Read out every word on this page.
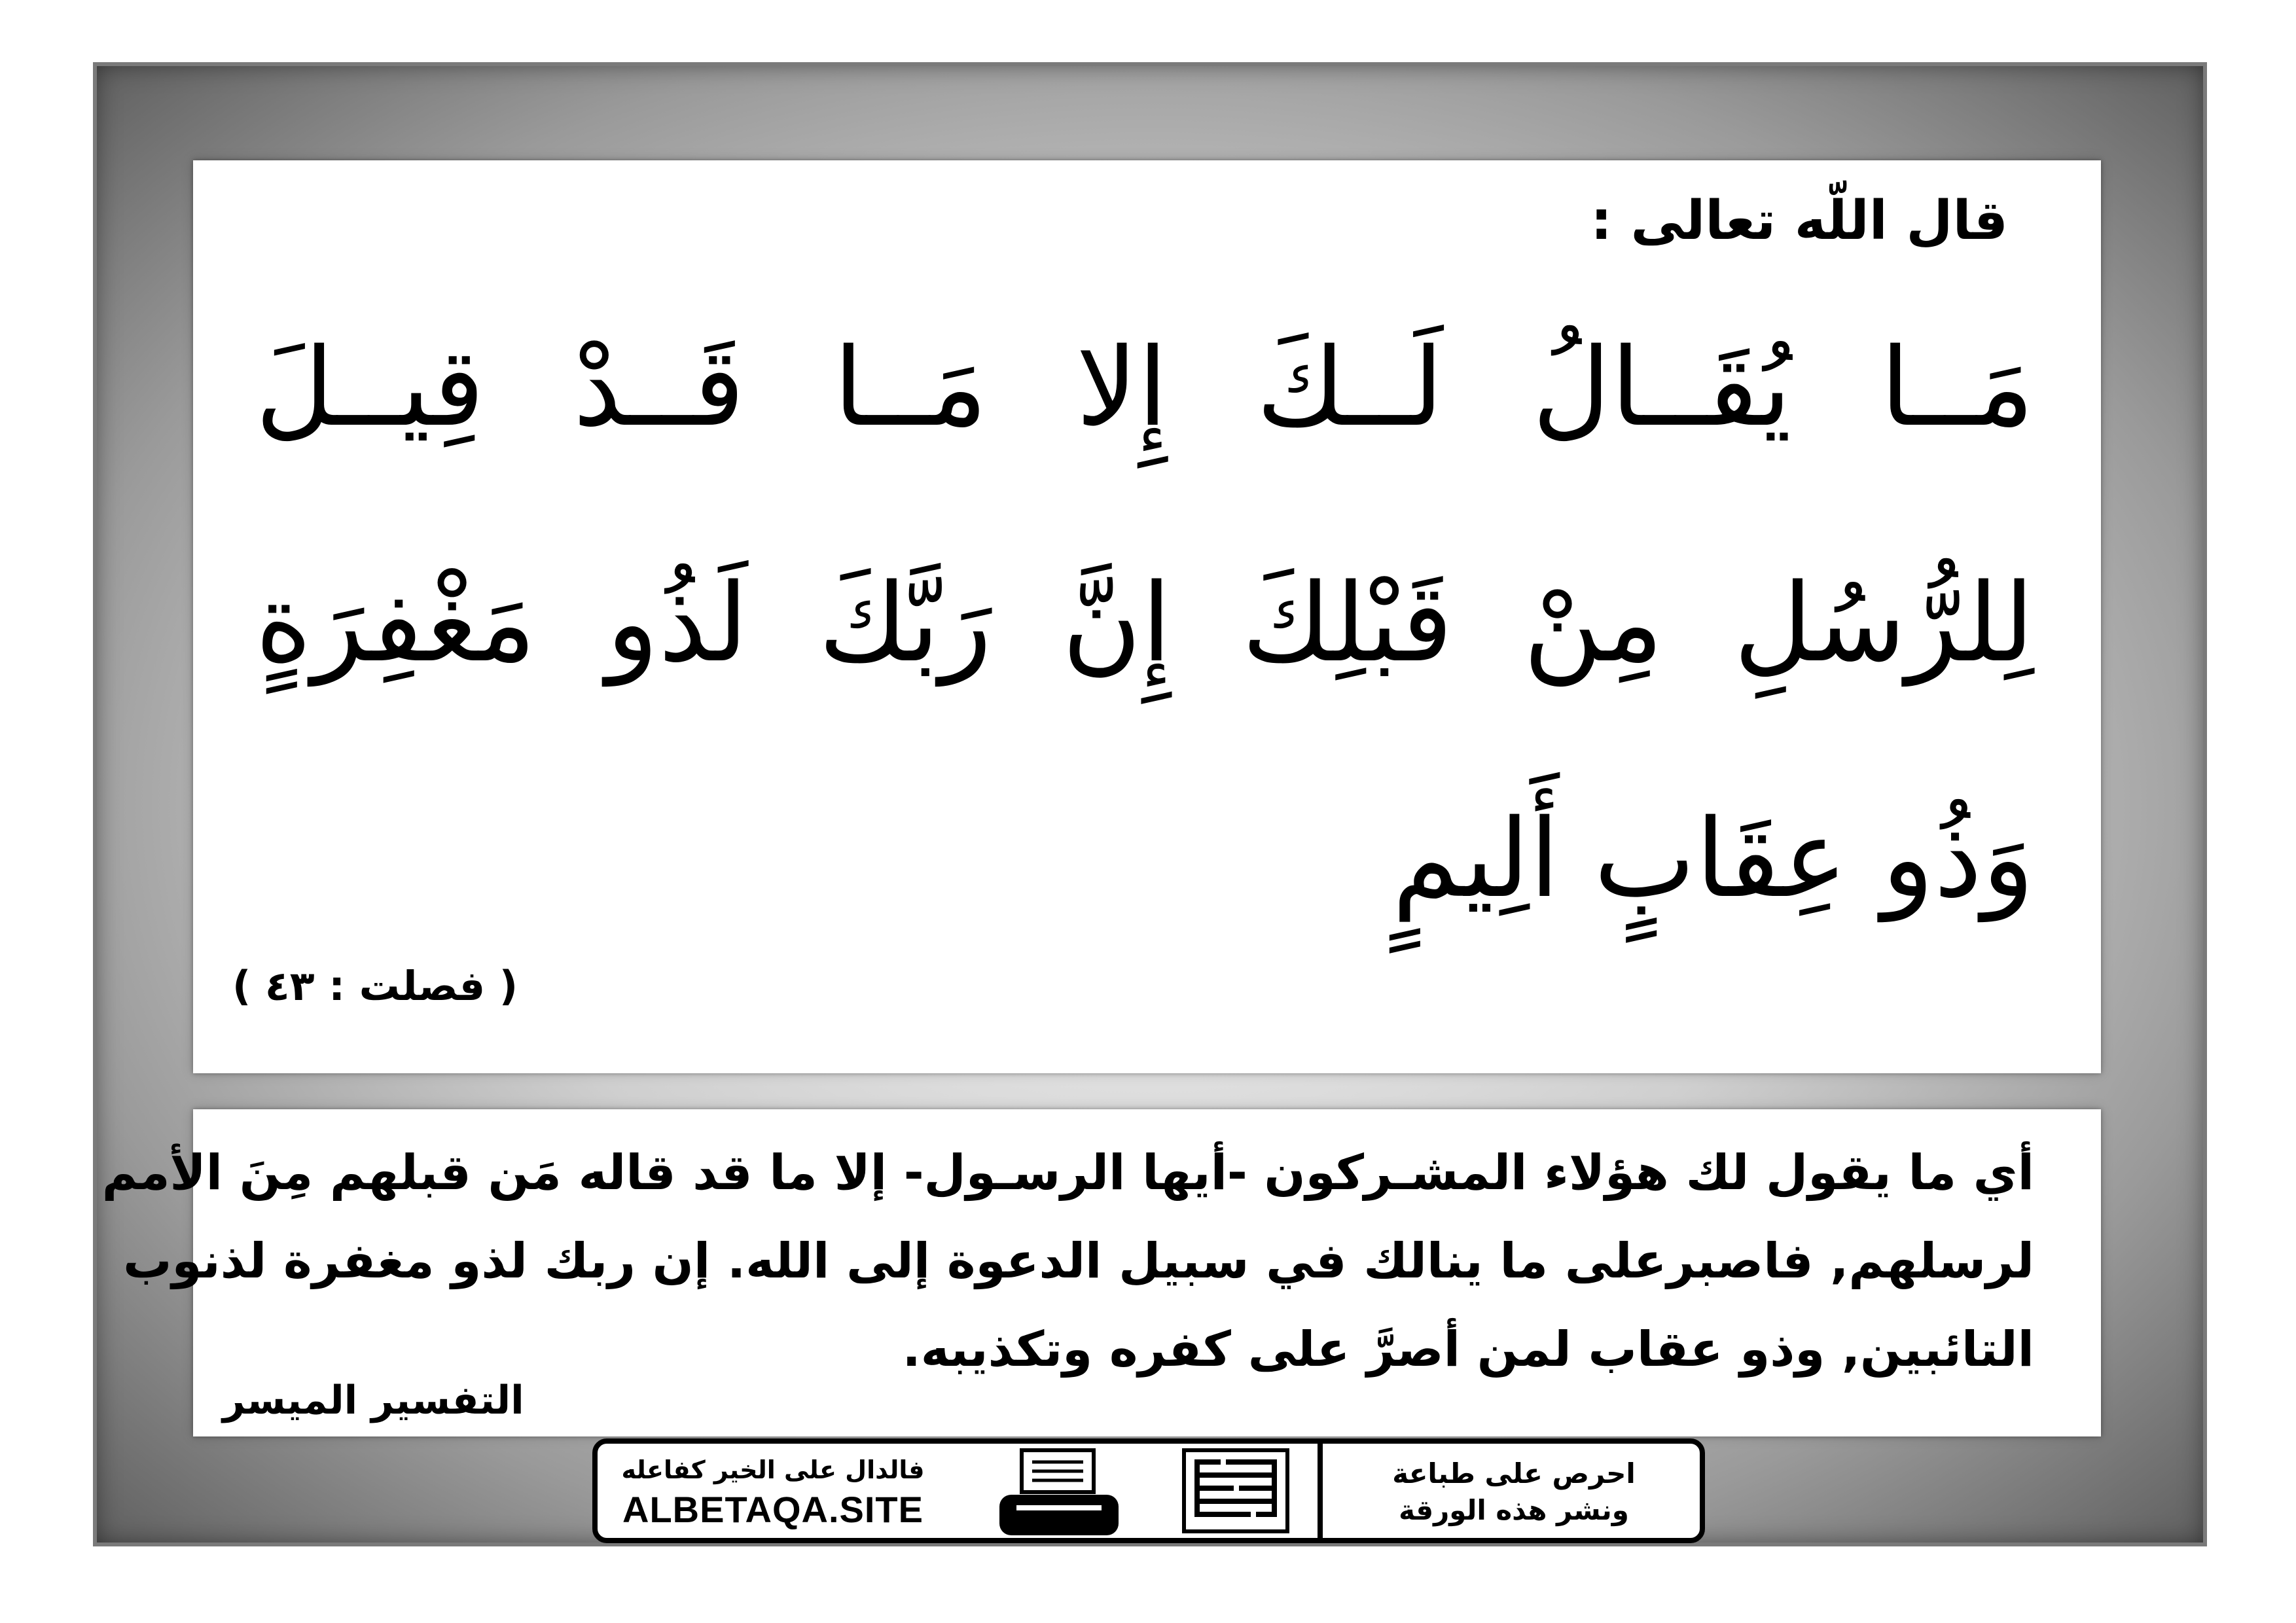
قال اللّه تعالى :
مَــا يُقَــالُ لَــكَ إِلا مَــا قَــدْ قِيــلَ
لِلرُّسُلِ مِنْ قَبْلِكَ إِنَّ رَبَّكَ لَذُو مَغْفِرَةٍ
وَذُو عِقَابٍ أَلِيمٍ
( فصلت : ٤٣ )
أي ما يقول لك هؤلاء المشـركون -أيها الرسـول- إلا ما قد قاله مَن قبلهم مِنَ الأمم
لرسلهم, فاصبرعلى ما ينالك في سبيل الدعوة إلى الله. إن ربك لذو مغفرة لذنوب
التائبين, وذو عقاب لمن أصرَّ على كفره وتكذيبه.
التفسير الميسر
فالدال على الخير كفاعله
ALBETAQA.SITE
احرص على طباعة
ونشر هذه الورقة
